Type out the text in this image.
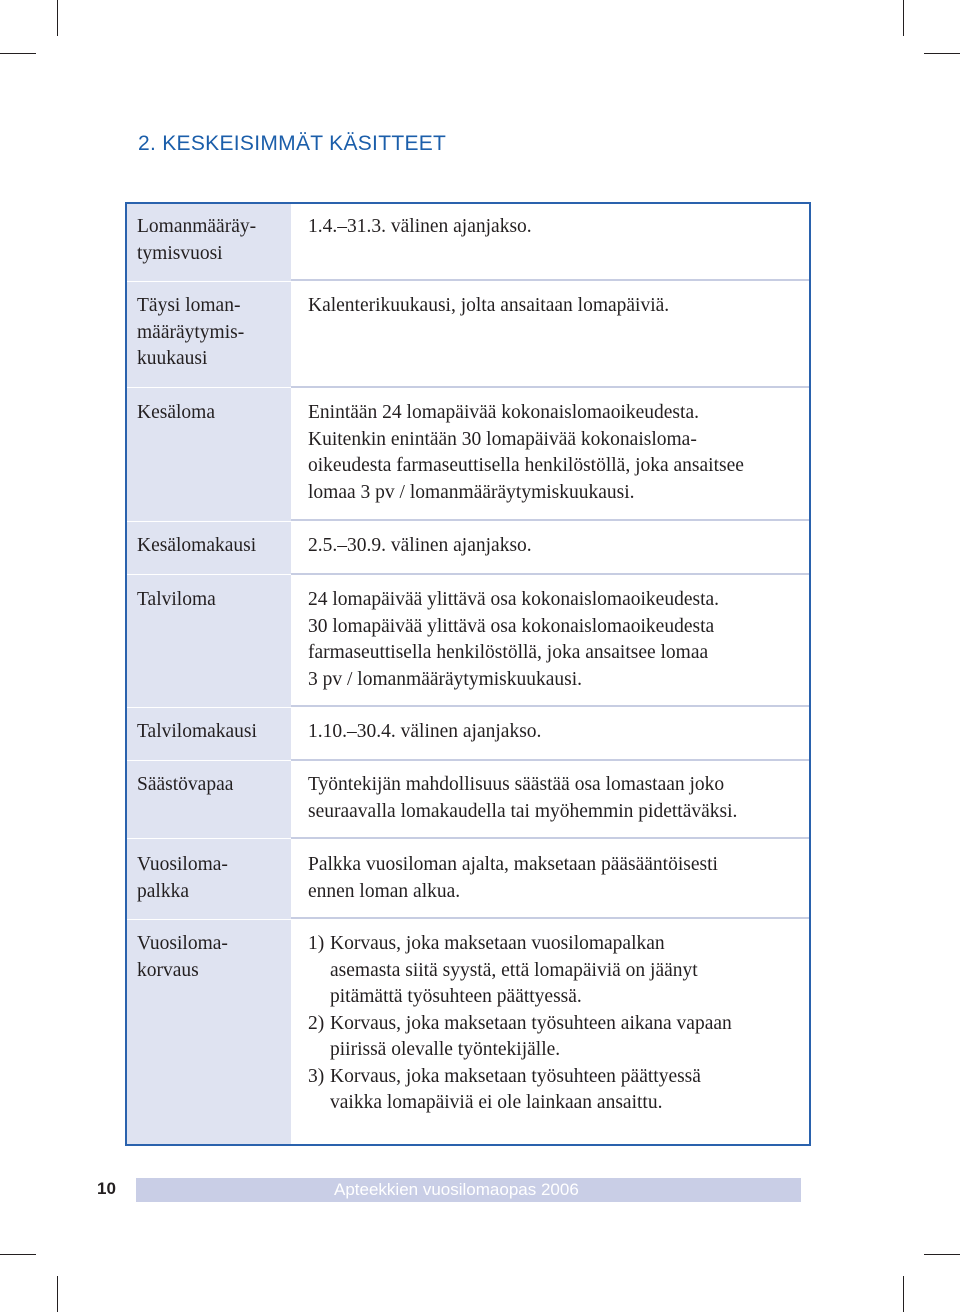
2. KESKEISIMMÄT KÄSITTEET
Lomanmääräy-
tymisvuosi
Täysi loman-
määräytymis-
kuukausi
Kesäloma
Kesälomakausi
Talviloma
Talvilomakausi
Säästövapaa
Vuosiloma-
palkka
Vuosiloma-
korvaus
1.4.–31.3. välinen ajanjakso.
Kalenterikuukausi, jolta ansaitaan lomapäiviä.
Enintään 24 lomapäivää kokonaislomaoikeudesta.
Kuitenkin enintään 30 lomapäivää kokonaisloma-
oikeudesta farmaseuttisella henkilöstöllä, joka ansaitsee
lomaa 3 pv / lomanmääräytymiskuukausi.
2.5.–30.9. välinen ajanjakso.
24 lomapäivää ylittävä osa kokonaislomaoikeudesta.
30 lomapäivää ylittävä osa kokonaislomaoikeudesta
farmaseuttisella henkilöstöllä, joka ansaitsee lomaa
3 pv / lomanmääräytymiskuukausi.
1.10.–30.4. välinen ajanjakso.
Työntekijän mahdollisuus säästää osa lomastaan joko
seuraavalla lomakaudella tai myöhemmin pidettäväksi.
Palkka vuosiloman ajalta, maksetaan pääsääntöisesti
ennen loman alkua.
1) Korvaus, joka maksetaan vuosilomapalkan
asemasta siitä syystä, että lomapäiviä on jäänyt
pitämättä työsuhteen päättyessä.
2) Korvaus, joka maksetaan työsuhteen aikana vapaan
piirissä olevalle työntekijälle.
3) Korvaus, joka maksetaan työsuhteen päättyessä
vaikka lomapäiviä ei ole lainkaan ansaittu.
10	Apteekkien vuosilomaopas 2006
